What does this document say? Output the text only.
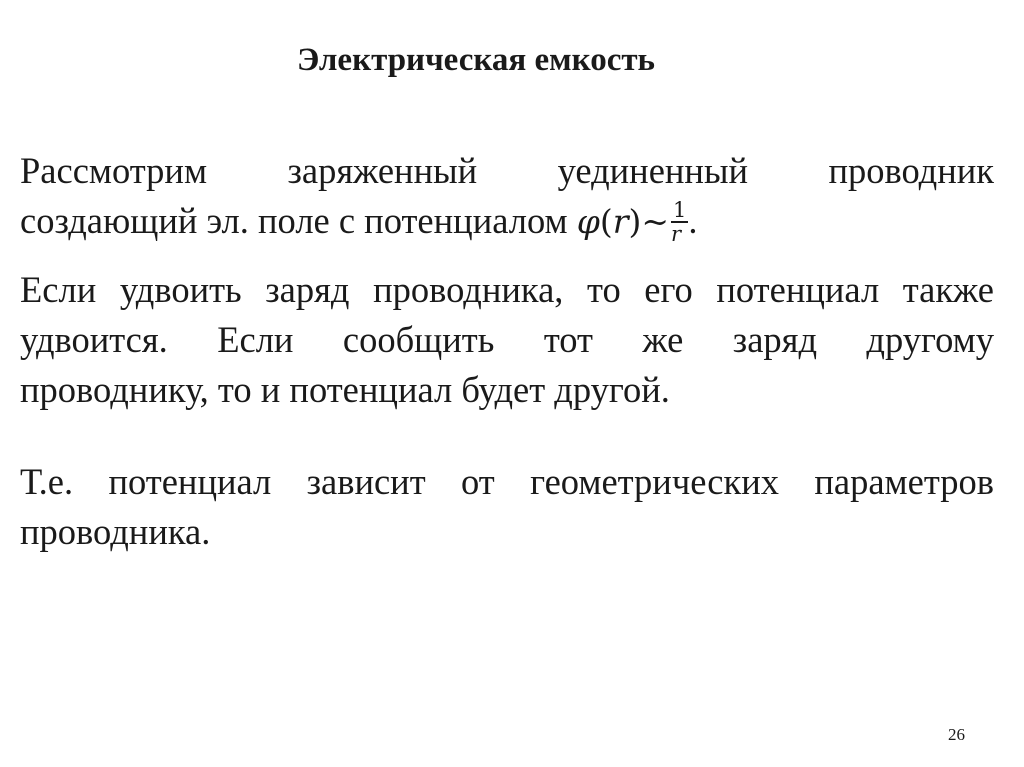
Электрическая емкость
Рассмотрим заряженный уединенный проводник
создающий эл. поле с потенциалом φ(r)~ $\frac{1}{r}$ .
Если удвоить заряд проводника, то его потенциал также
удвоится. Если сообщить тот же заряд другому
проводнику, то и потенциал будет другой.
Т.е. потенциал зависит от геометрических параметров
проводника.
26
